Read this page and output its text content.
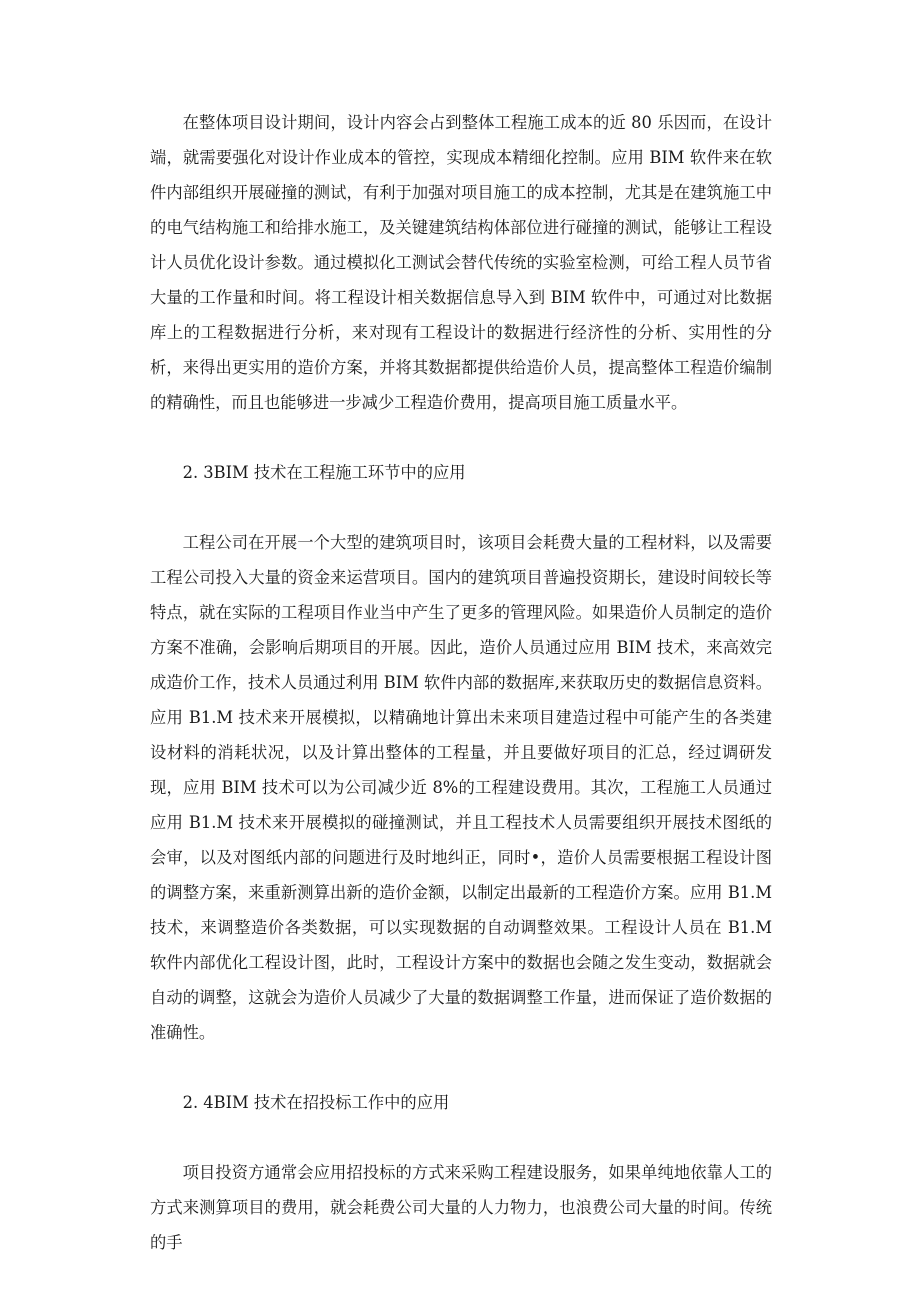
在整体项目设计期间，设计内容会占到整体工程施工成本的近 80 乐因而，在设计端，就需要强化对设计作业成本的管控，实现成本精细化控制。应用 BIM 软件来在软件内部组织开展碰撞的测试，有利于加强对项目施工的成本控制，尤其是在建筑施工中的电气结构施工和给排水施工，及关键建筑结构体部位进行碰撞的测试，能够让工程设计人员优化设计参数。通过模拟化工测试会替代传统的实验室检测，可给工程人员节省大量的工作量和时间。将工程设计相关数据信息导入到 BIM 软件中，可通过对比数据库上的工程数据进行分析，来对现有工程设计的数据进行经济性的分析、实用性的分析，来得出更实用的造价方案，并将其数据都提供给造价人员，提高整体工程造价编制的精确性，而且也能够进一步减少工程造价费用，提高项目施工质量水平。

2. 3BIM 技术在工程施工环节中的应用

工程公司在开展一个大型的建筑项目时，该项目会耗费大量的工程材料，以及需要工程公司投入大量的资金来运营项目。国内的建筑项目普遍投资期长，建设时间较长等特点，就在实际的工程项目作业当中产生了更多的管理风险。如果造价人员制定的造价方案不准确，会影响后期项目的开展。因此，造价人员通过应用 BIM 技术，来高效完成造价工作，技术人员通过利用 BIM 软件内部的数据库,来获取历史的数据信息资料。应用 B1.M 技术来开展模拟，以精确地计算出未来项目建造过程中可能产生的各类建设材料的消耗状况，以及计算出整体的工程量，并且要做好项目的汇总，经过调研发现，应用 BIM 技术可以为公司减少近 8%的工程建设费用。其次，工程施工人员通过应用 B1.M 技术来开展模拟的碰撞测试，并且工程技术人员需要组织开展技术图纸的会审，以及对图纸内部的问题进行及时地纠正，同时•，造价人员需要根据工程设计图的调整方案，来重新测算出新的造价金额，以制定出最新的工程造价方案。应用 B1.M 技术，来调整造价各类数据，可以实现数据的自动调整效果。工程设计人员在 B1.M 软件内部优化工程设计图，此时，工程设计方案中的数据也会随之发生变动，数据就会自动的调整，这就会为造价人员减少了大量的数据调整工作量，进而保证了造价数据的准确性。

2. 4BIM 技术在招投标工作中的应用

项目投资方通常会应用招投标的方式来采购工程建设服务，如果单纯地依靠人工的方式来测算项目的费用，就会耗费公司大量的人力物力，也浪费公司大量的时间。传统的手
